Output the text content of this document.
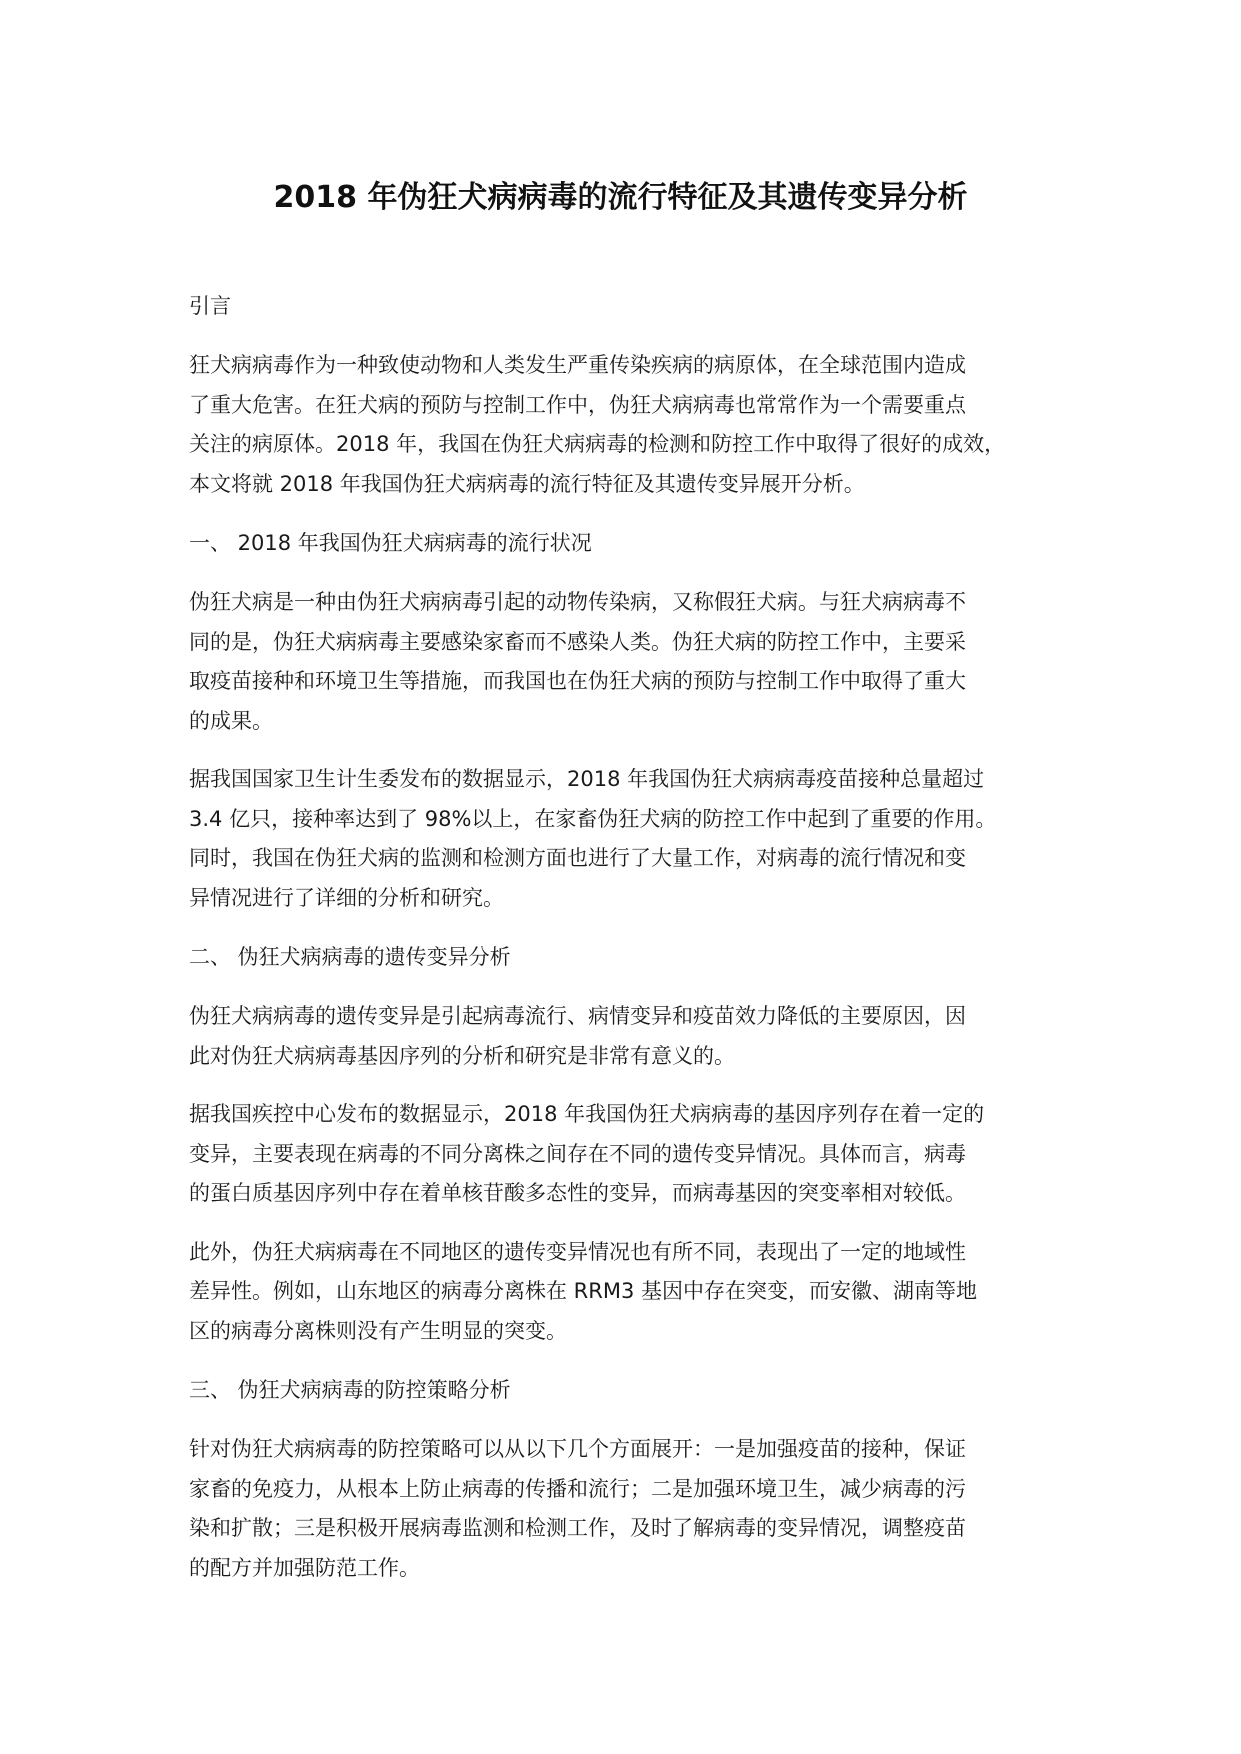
2018 年伪狂犬病病毒的流行特征及其遗传变异分析
引言

狂犬病病毒作为一种致使动物和人类发生严重传染疾病的病原体，在全球范围内造成
了重大危害。在狂犬病的预防与控制工作中，伪狂犬病病毒也常常作为一个需要重点
关注的病原体。2018 年，我国在伪狂犬病病毒的检测和防控工作中取得了很好的成效，
本文将就 2018 年我国伪狂犬病病毒的流行特征及其遗传变异展开分析。

一、 2018 年我国伪狂犬病病毒的流行状况

伪狂犬病是一种由伪狂犬病病毒引起的动物传染病，又称假狂犬病。与狂犬病病毒不
同的是，伪狂犬病病毒主要感染家畜而不感染人类。伪狂犬病的防控工作中，主要采
取疫苗接种和环境卫生等措施，而我国也在伪狂犬病的预防与控制工作中取得了重大
的成果。

据我国国家卫生计生委发布的数据显示，2018 年我国伪狂犬病病毒疫苗接种总量超过
3.4 亿只，接种率达到了 98%以上，在家畜伪狂犬病的防控工作中起到了重要的作用。
同时，我国在伪狂犬病的监测和检测方面也进行了大量工作，对病毒的流行情况和变
异情况进行了详细的分析和研究。

二、 伪狂犬病病毒的遗传变异分析

伪狂犬病病毒的遗传变异是引起病毒流行、病情变异和疫苗效力降低的主要原因，因
此对伪狂犬病病毒基因序列的分析和研究是非常有意义的。

据我国疾控中心发布的数据显示，2018 年我国伪狂犬病病毒的基因序列存在着一定的
变异，主要表现在病毒的不同分离株之间存在不同的遗传变异情况。具体而言，病毒
的蛋白质基因序列中存在着单核苷酸多态性的变异，而病毒基因的突变率相对较低。

此外，伪狂犬病病毒在不同地区的遗传变异情况也有所不同，表现出了一定的地域性
差异性。例如，山东地区的病毒分离株在 RRM3 基因中存在突变，而安徽、湖南等地
区的病毒分离株则没有产生明显的突变。

三、 伪狂犬病病毒的防控策略分析

针对伪狂犬病病毒的防控策略可以从以下几个方面展开：一是加强疫苗的接种，保证
家畜的免疫力，从根本上防止病毒的传播和流行；二是加强环境卫生，减少病毒的污
染和扩散；三是积极开展病毒监测和检测工作，及时了解病毒的变异情况，调整疫苗
的配方并加强防范工作。
